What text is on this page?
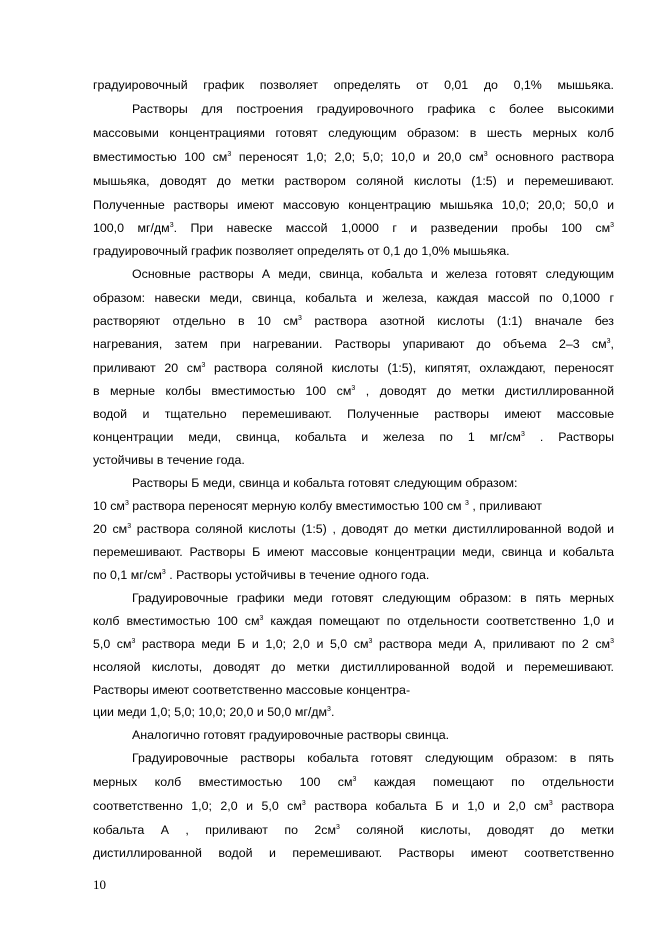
градуировочный график позволяет определять от 0,01 до 0,1% мышьяка.
Растворы для построения градуировочного графика с более высокими
массовыми концентрациями готовят следующим образом: в шесть мерных колб
вместимостью 100 $см^3$ переносят 1,0; 2,0; 5,0; 10,0 и 20,0 $см^3$ основного раствора
мышьяка, доводят до метки раствором соляной кислоты (1:5) и перемешивают.
Полученные растворы имеют массовую концентрацию мышьяка 10,0; 20,0; 50,0 и
100,0 $мг/дм^3$. При навеске массой 1,0000 г и разведении пробы 100 $см^3$
градуировочный график позволяет определять от 0,1 до 1,0% мышьяка.
Основные растворы А меди, свинца, кобальта и железа готовят следующим
образом: навески меди, свинца, кобальта и железа, каждая массой по 0,1000 г
растворяют отдельно в 10 $см^3$ раствора азотной кислоты (1:1) вначале без
нагревания, затем при нагревании. Растворы упаривают до объема 2–3 $см^3$,
приливают 20 $см^3$ раствора соляной кислоты (1:5), кипятят, охлаждают, переносят
в мерные колбы вместимостью 100 $см^3$ , доводят до метки дистиллированной
водой и тщательно перемешивают. Полученные растворы имеют массовые
концентрации меди, свинца, кобальта и железа по 1 $мг/см^3$ . Растворы
устойчивы в течение года.
Растворы Б меди, свинца и кобальта готовят следующим образом:
10 $см^3$ раствора переносят мерную колбу вместимостью 100 см $^3$ , приливают
20 $см^3$ раствора соляной кислоты (1:5) , доводят до метки дистиллированной водой и
перемешивают. Растворы Б имеют массовые концентрации меди, свинца и кобальта
по 0,1 $мг/см^3$ . Растворы устойчивы в течение одного года.
Градуировочные графики меди готовят следующим образом: в пять мерных
колб вместимостью 100 $см^3$ каждая помещают по отдельности соответственно 1,0 и
5,0 $см^3$ раствора меди Б и 1,0; 2,0 и 5,0 $см^3$ раствора меди А, приливают по 2 $см^3$
нсоляой кислоты, доводят до метки дистиллированной водой и перемешивают.
Растворы имеют соответственно массовые концентра-
ции меди 1,0; 5,0; 10,0; 20,0 и 50,0 $мг/дм^3$.
Аналогично готовят градуировочные растворы свинца.
Градуировочные растворы кобальта готовят следующим образом: в пять
мерных колб вместимостью 100 $см^3$ каждая помещают по отдельности
соответственно 1,0; 2,0 и 5,0 $см^3$ раствора кобальта Б и 1,0 и 2,0 $см^3$ раствора
кобальта А , приливают по $2см^3$ соляной кислоты, доводят до метки
дистиллированной водой и перемешивают. Растворы имеют соответственно
10
